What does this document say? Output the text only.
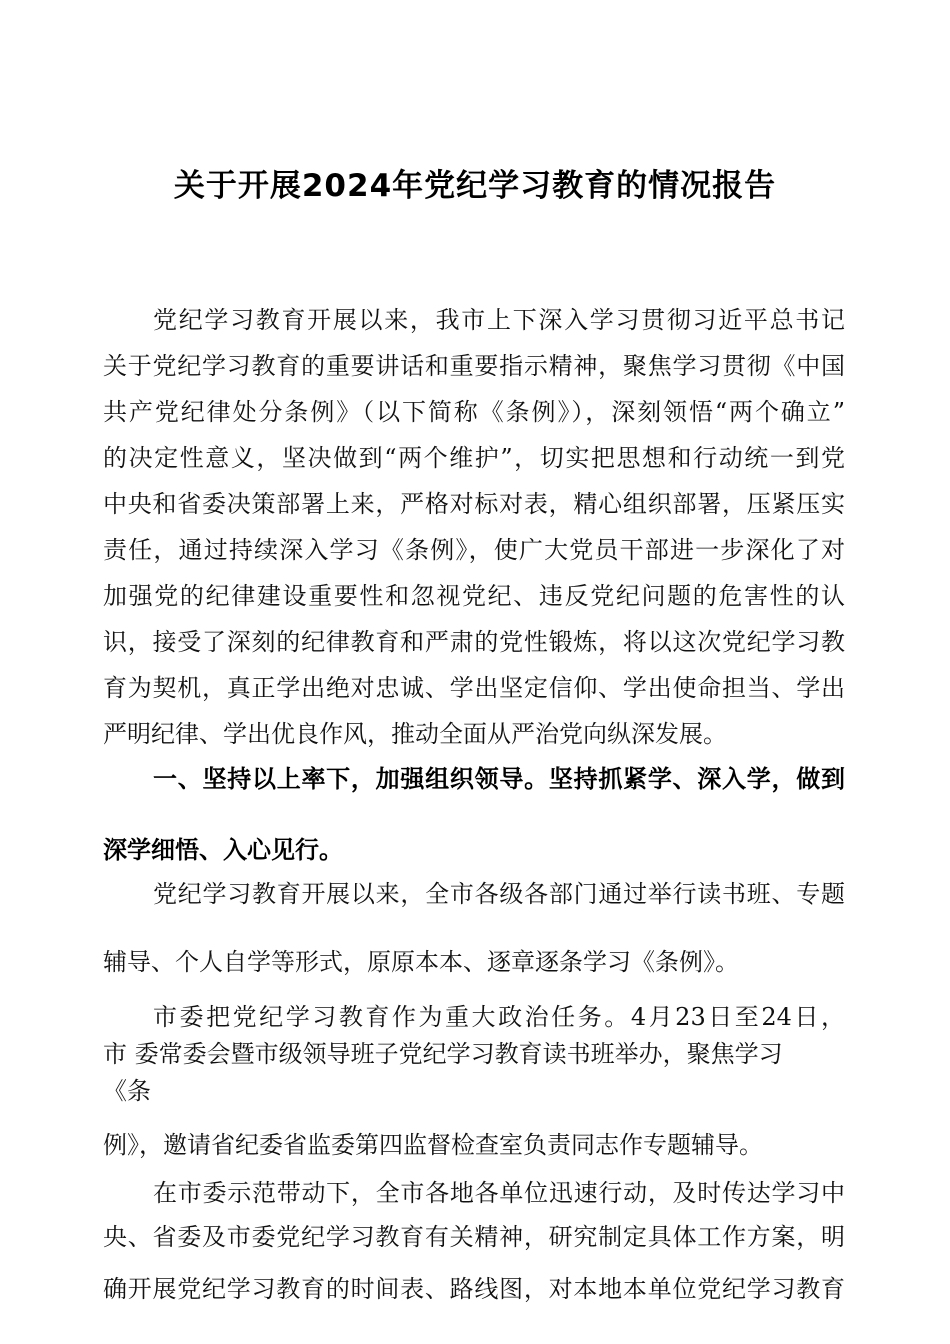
关于开展2024年党纪学习教育的情况报告
党纪学习教育开展以来，我市上下深入学习贯彻习近平总书记
关于党纪学习教育的重要讲话和重要指示精神，聚焦学习贯彻《中国
共产党纪律处分条例》（以下简称《条例》），深刻领悟“两个确立”
的决定性意义，坚决做到“两个维护”，切实把思想和行动统一到党
中央和省委决策部署上来，严格对标对表，精心组织部署，压紧压实
责任，通过持续深入学习《条例》，使广大党员干部进一步深化了对
加强党的纪律建设重要性和忽视党纪、违反党纪问题的危害性的认
识，接受了深刻的纪律教育和严肃的党性锻炼，将以这次党纪学习教
育为契机，真正学出绝对忠诚、学出坚定信仰、学出使命担当、学出
严明纪律、学出优良作风，推动全面从严治党向纵深发展。
一、坚持以上率下，加强组织领导。坚持抓紧学、深入学，做到
深学细悟、入心见行。
党纪学习教育开展以来，全市各级各部门通过举行读书班、专题
辅导、个人自学等形式，原原本本、逐章逐条学习《条例》。
市委把党纪学习教育作为重大政治任务。4月23日至24日，
市 委常委会暨市级领导班子党纪学习教育读书班举办，聚焦学习
《条
例》，邀请省纪委省监委第四监督检查室负责同志作专题辅导。
在市委示范带动下，全市各地各单位迅速行动，及时传达学习中
央、省委及市委党纪学习教育有关精神，研究制定具体工作方案，明
确开展党纪学习教育的时间表、路线图，对本地本单位党纪学习教育
